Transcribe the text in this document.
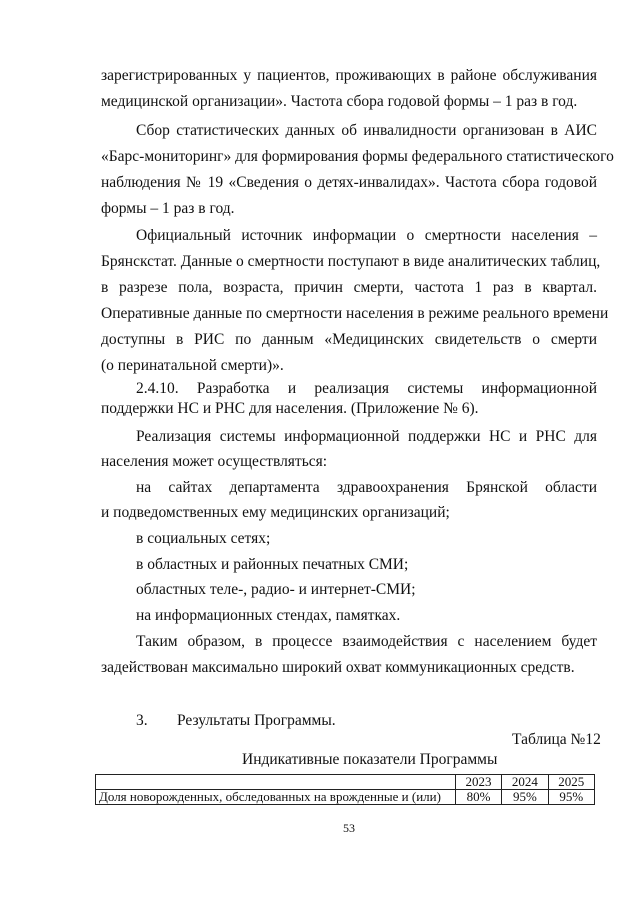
зарегистрированных у пациентов, проживающих в районе обслуживания
медицинской организации». Частота сбора годовой формы – 1 раз в год.
Сбор статистических данных об инвалидности организован в АИС
«Барс-мониторинг» для формирования формы федерального статистического
наблюдения № 19 «Сведения о детях-инвалидах». Частота сбора годовой
формы – 1 раз в год.
Официальный источник информации о смертности населения –
Брянскстат. Данные о смертности поступают в виде аналитических таблиц,
в разрезе пола, возраста, причин смерти, частота 1 раз в квартал.
Оперативные данные по смертности населения в режиме реального времени
доступны в РИС по данным «Медицинских свидетельств о смерти
(о перинатальной смерти)».
2.4.10. Разработка и реализация системы информационной
поддержки НС и РНС для населения. (Приложение № 6).
Реализация системы информационной поддержки НС и РНС для
населения может осуществляться:
на сайтах департамента здравоохранения Брянской области
и подведомственных ему медицинских организаций;
в социальных сетях;
в областных и районных печатных СМИ;
областных теле-, радио- и интернет-СМИ;
на информационных стендах, памятках.
Таким образом, в процессе взаимодействия с населением будет
задействован максимально широкий охват коммуникационных средств.
3. Результаты Программы.
Таблица №12
Индикативные показатели Программы
	2023	2024	2025
Доля новорожденных, обследованных на врожденные и (или)	80%	95%	95%
53
